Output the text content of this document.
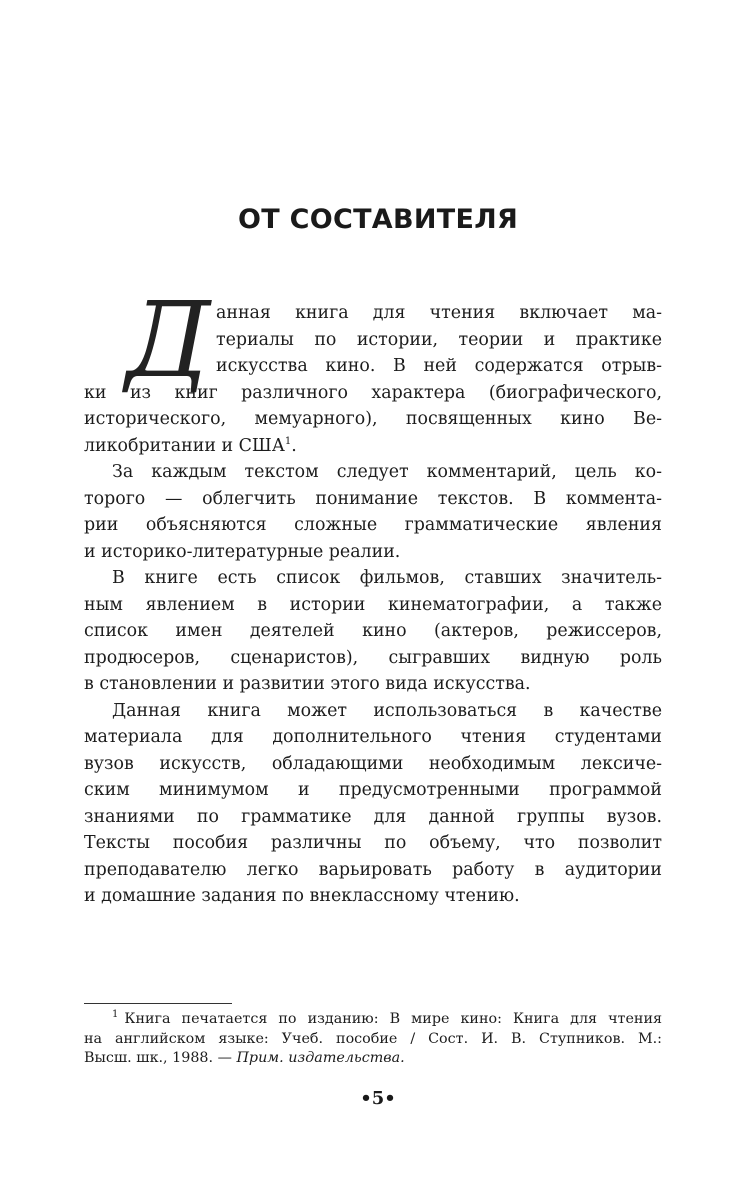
ОТ СОСТАВИТЕЛЯ
Д анная книга для чтения включает ма-
териалы по истории, теории и практике
искусства кино. В ней содержатся отрыв-
ки из книг различного характера (биографического,
исторического, мемуарного), посвященных кино Ве-
ликобритании и США$^1$.
За каждым текстом следует комментарий, цель ко-
торого — облегчить понимание текстов. В коммента-
рии объясняются сложные грамматические явления
и историко-литературные реалии.
В книге есть список фильмов, ставших значитель-
ным явлением в истории кинематографии, а также
список имен деятелей кино (актеров, режиссеров,
продюсеров, сценаристов), сыгравших видную роль
в становлении и развитии этого вида искусства.
Данная книга может использоваться в качестве
материала для дополнительного чтения студентами
вузов искусств, обладающими необходимым лексиче-
ским минимумом и предусмотренными программой
знаниями по грамматике для данной группы вузов.
Тексты пособия различны по объему, что позволит
преподавателю легко варьировать работу в аудитории
и домашние задания по внеклассному чтению.
$^1$ Книга печатается по изданию: В мире кино: Книга для чтения
на английском языке: Учеб. пособие / Сост. И. В. Ступников. М.:
Высш. шк., 1988. — Прим. издательства.
•5•
